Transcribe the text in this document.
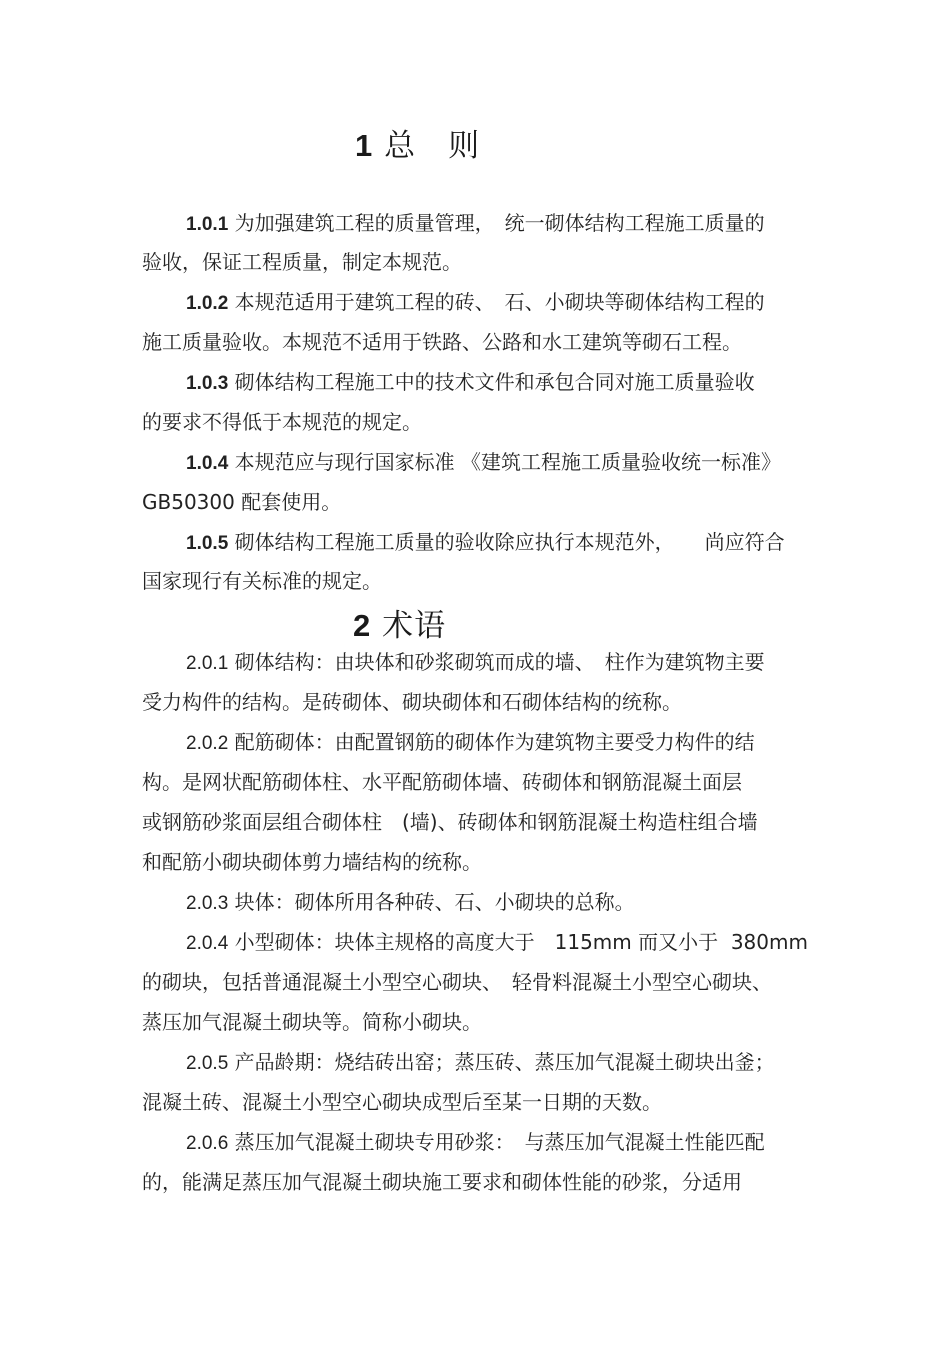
1 总　则
1.0.1 为加强建筑工程的质量管理，　统一砌体结构工程施工质量的
验收，保证工程质量，制定本规范。
1.0.2 本规范适用于建筑工程的砖、　石、小砌块等砌体结构工程的
施工质量验收。本规范不适用于铁路、公路和水工建筑等砌石工程。
1.0.3 砌体结构工程施工中的技术文件和承包合同对施工质量验收
的要求不得低于本规范的规定。
1.0.4 本规范应与现行国家标准 《建筑工程施工质量验收统一标准》
GB50300 配套使用。
1.0.5 砌体结构工程施工质量的验收除应执行本规范外，　　尚应符合
国家现行有关标准的规定。
2 术语
2.0.1 砌体结构：由块体和砂浆砌筑而成的墙、　柱作为建筑物主要
受力构件的结构。是砖砌体、砌块砌体和石砌体结构的统称。
2.0.2 配筋砌体：由配置钢筋的砌体作为建筑物主要受力构件的结
构。是网状配筋砌体柱、水平配筋砌体墙、砖砌体和钢筋混凝土面层
或钢筋砂浆面层组合砌体柱　(墙)、砖砌体和钢筋混凝土构造柱组合墙
和配筋小砌块砌体剪力墙结构的统称。
2.0.3 块体：砌体所用各种砖、石、小砌块的总称。
2.0.4 小型砌体：块体主规格的高度大于　115mm 而又小于  380mm
的砌块，包括普通混凝土小型空心砌块、　轻骨料混凝土小型空心砌块、
蒸压加气混凝土砌块等。简称小砌块。
2.0.5 产品龄期：烧结砖出窑；蒸压砖、蒸压加气混凝土砌块出釜；
混凝土砖、混凝土小型空心砌块成型后至某一日期的天数。
2.0.6 蒸压加气混凝土砌块专用砂浆：　与蒸压加气混凝土性能匹配
的，能满足蒸压加气混凝土砌块施工要求和砌体性能的砂浆，分适用
